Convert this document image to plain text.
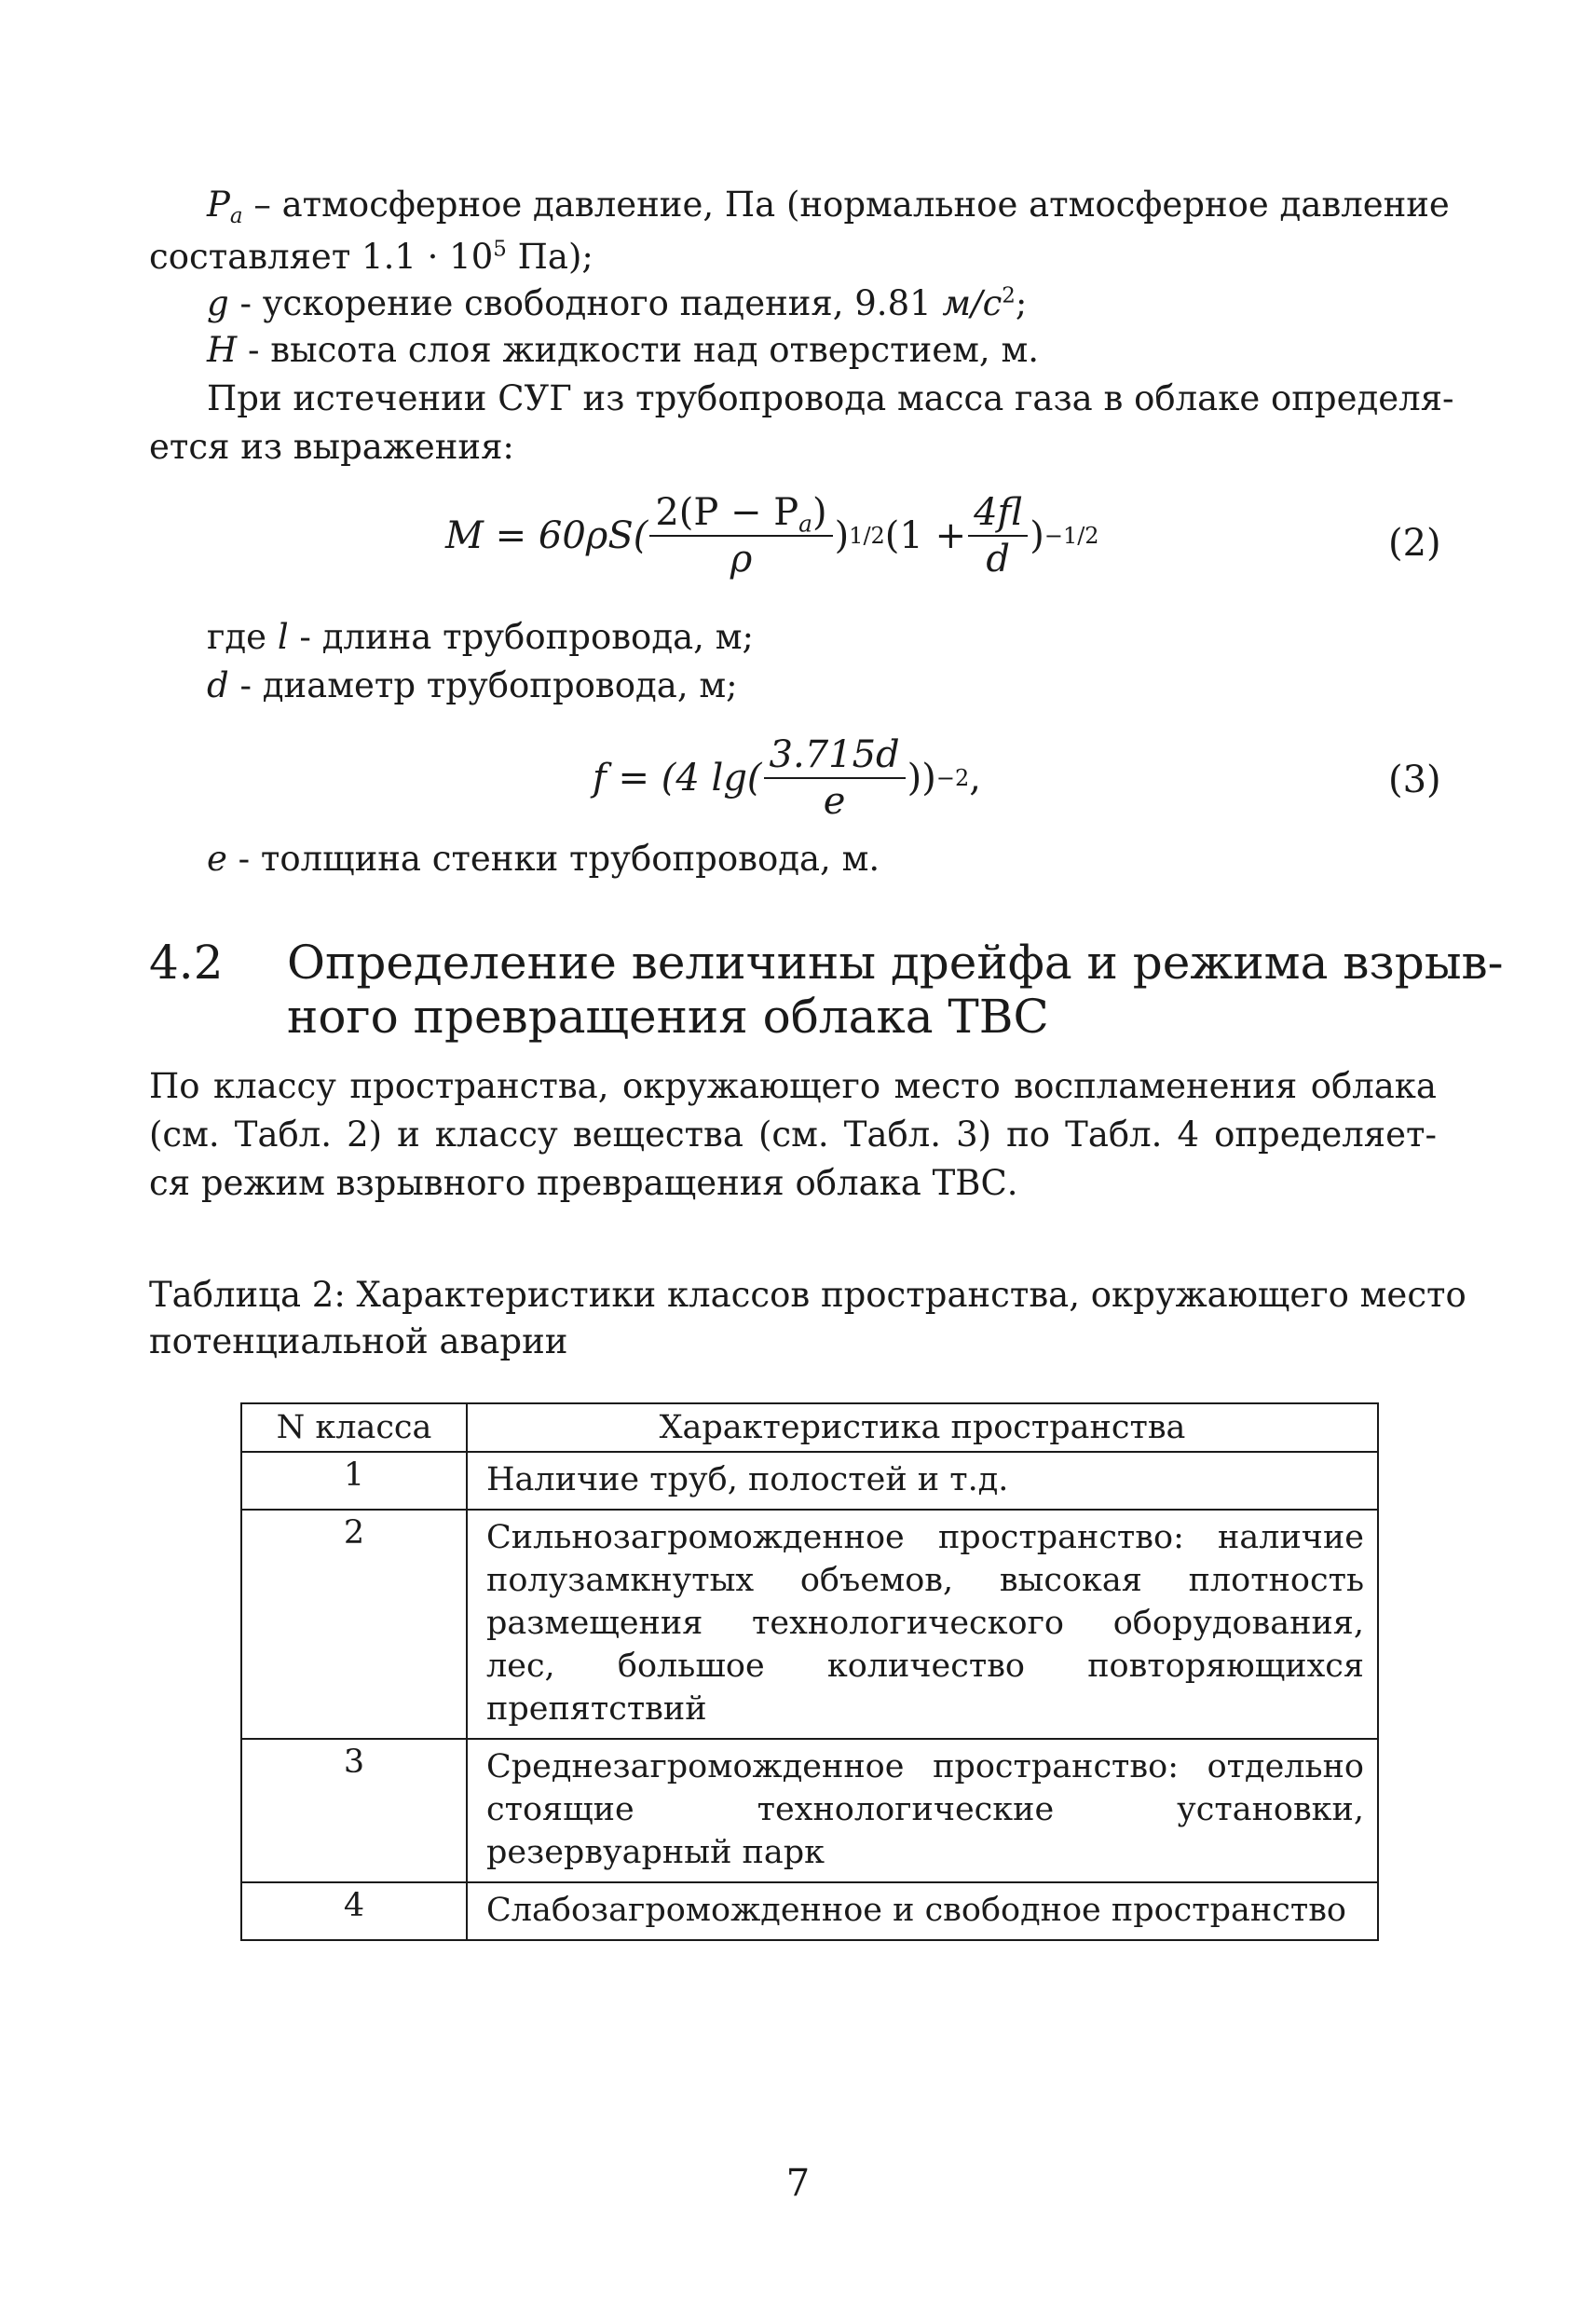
$P_a$ – атмосферное давление, Па (нормальное атмосферное давление
составляет $1.1 \cdot 10^5$ Па);
g - ускорение свободного падения, 9.81 $м/с^2$;
H - высота слоя жидкости над отверстием, м.
При истечении СУГ из трубопровода масса газа в облаке определя-
ется из выражения:
$M = 60\rho S( \frac{2(P - P_a)}{\rho}$ ) 1/2 ($1 + \frac{4fl}{d}$ ) −1/2	(2)
где l - длина трубопровода, м;
d - диаметр трубопровода, м;
f = (4 $\lg( \frac{3.715d}{e}$ )) −2 ,	(3)
e - толщина стенки трубопровода, м.
4.2 Определение величины дрейфа и режима взрыв-
ного превращения облака ТВС
По классу пространства, окружающего место воспламенения облака
(см. Табл. 2) и классу вещества (см. Табл. 3) по Табл. 4 определяет-
ся режим взрывного превращения облака ТВС.
Таблица 2: Характеристики классов пространства, окружающего место
потенциальной аварии
N класса	Характеристика пространства
1	Наличие труб, полостей и т.д.
2	Сильнозагроможденное пространство: наличие полузамкнутых объемов, высокая плотность размещения технологического оборудования, лес, большое количество повторяющихся препятствий
3	Среднезагроможденное пространство: отдельно стоящие технологические установки, резервуарный парк
4	Слабозагроможденное и свободное пространство
7
